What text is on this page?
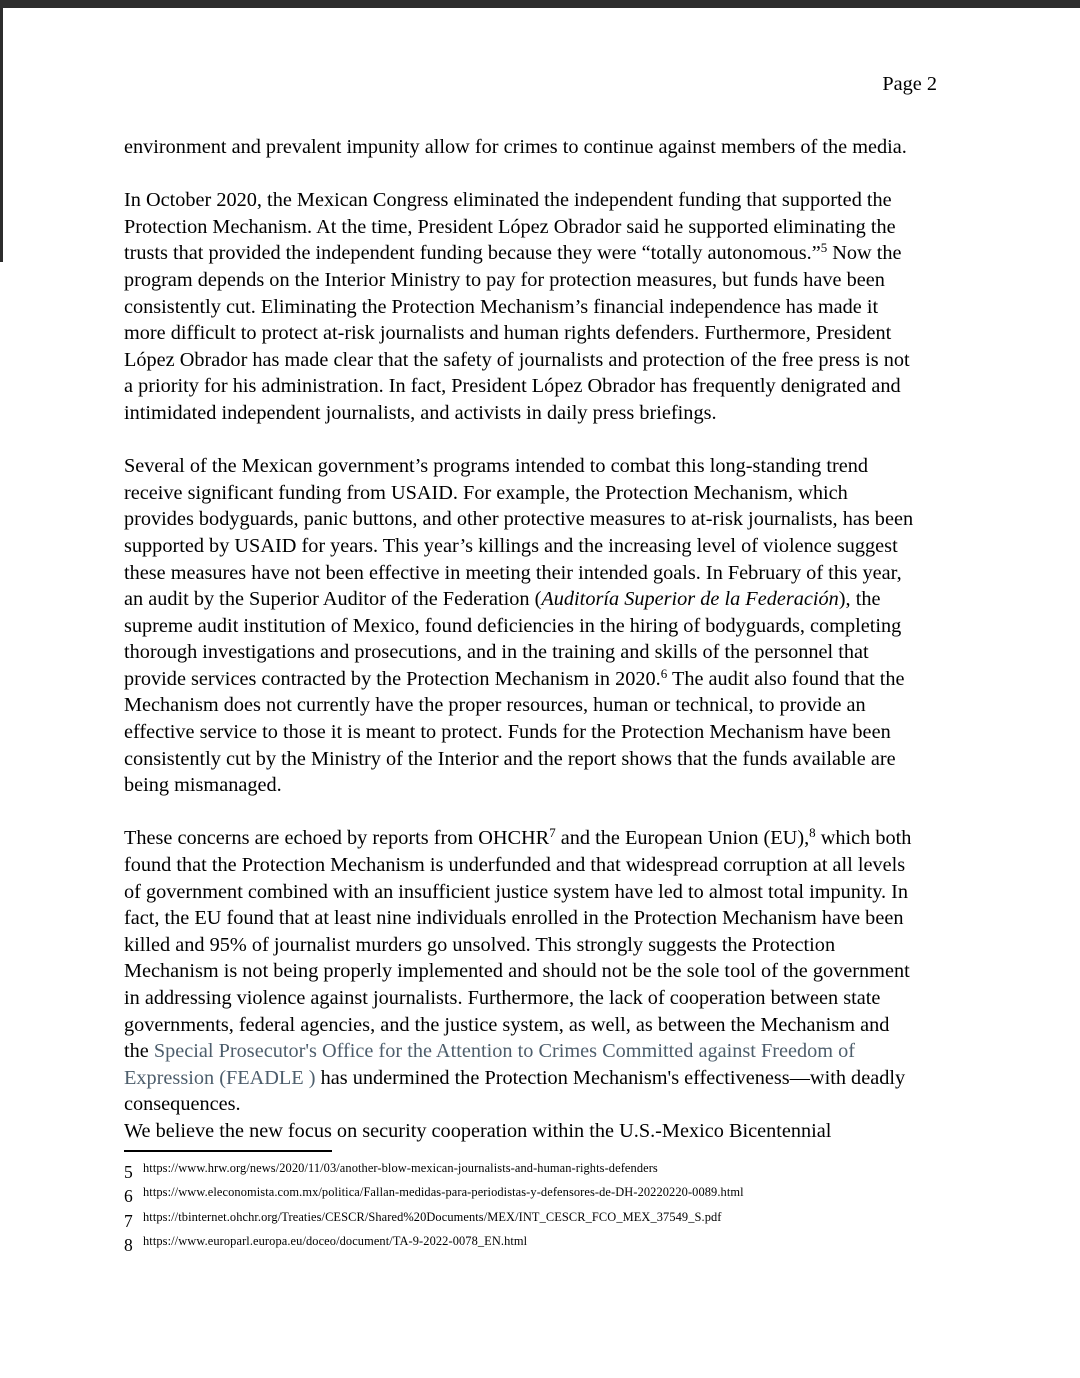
Page 2
environment and prevalent impunity allow for crimes to continue against members of the media.
In October 2020, the Mexican Congress eliminated the independent funding that supported the
Protection Mechanism. At the time, President López Obrador said he supported eliminating the
trusts that provided the independent funding because they were “totally autonomous.”$^5$ Now the
program depends on the Interior Ministry to pay for protection measures, but funds have been
consistently cut. Eliminating the Protection Mechanism’s financial independence has made it
more difficult to protect at-risk journalists and human rights defenders. Furthermore, President
López Obrador has made clear that the safety of journalists and protection of the free press is not
a priority for his administration. In fact, President López Obrador has frequently denigrated and
intimidated independent journalists, and activists in daily press briefings.
Several of the Mexican government’s programs intended to combat this long-standing trend
receive significant funding from USAID. For example, the Protection Mechanism, which
provides bodyguards, panic buttons, and other protective measures to at-risk journalists, has been
supported by USAID for years. This year’s killings and the increasing level of violence suggest
these measures have not been effective in meeting their intended goals. In February of this year,
an audit by the Superior Auditor of the Federation (Auditoría Superior de la Federación), the
supreme audit institution of Mexico, found deficiencies in the hiring of bodyguards, completing
thorough investigations and prosecutions, and in the training and skills of the personnel that
provide services contracted by the Protection Mechanism in 2020.$^6$ The audit also found that the
Mechanism does not currently have the proper resources, human or technical, to provide an
effective service to those it is meant to protect. Funds for the Protection Mechanism have been
consistently cut by the Ministry of the Interior and the report shows that the funds available are
being mismanaged.
These concerns are echoed by reports from OHCHR$^7$ and the European Union (EU),$^8$ which both
found that the Protection Mechanism is underfunded and that widespread corruption at all levels
of government combined with an insufficient justice system have led to almost total impunity. In
fact, the EU found that at least nine individuals enrolled in the Protection Mechanism have been
killed and 95% of journalist murders go unsolved. This strongly suggests the Protection
Mechanism is not being properly implemented and should not be the sole tool of the government
in addressing violence against journalists. Furthermore, the lack of cooperation between state
governments, federal agencies, and the justice system, as well, as between the Mechanism and
the Special Prosecutor's Office for the Attention to Crimes Committed against Freedom of
Expression (FEADLE ) has undermined the Protection Mechanism's effectiveness—with deadly
consequences.
We believe the new focus on security cooperation within the U.S.-Mexico Bicentennial
5 https://www.hrw.org/news/2020/11/03/another-blow-mexican-journalists-and-human-rights-defenders
6 https://www.eleconomista.com.mx/politica/Fallan-medidas-para-periodistas-y-defensores-de-DH-20220220-0089.html
7 https://tbinternet.ohchr.org/Treaties/CESCR/Shared%20Documents/MEX/INT_CESCR_FCO_MEX_37549_S.pdf
8 https://www.europarl.europa.eu/doceo/document/TA-9-2022-0078_EN.html
